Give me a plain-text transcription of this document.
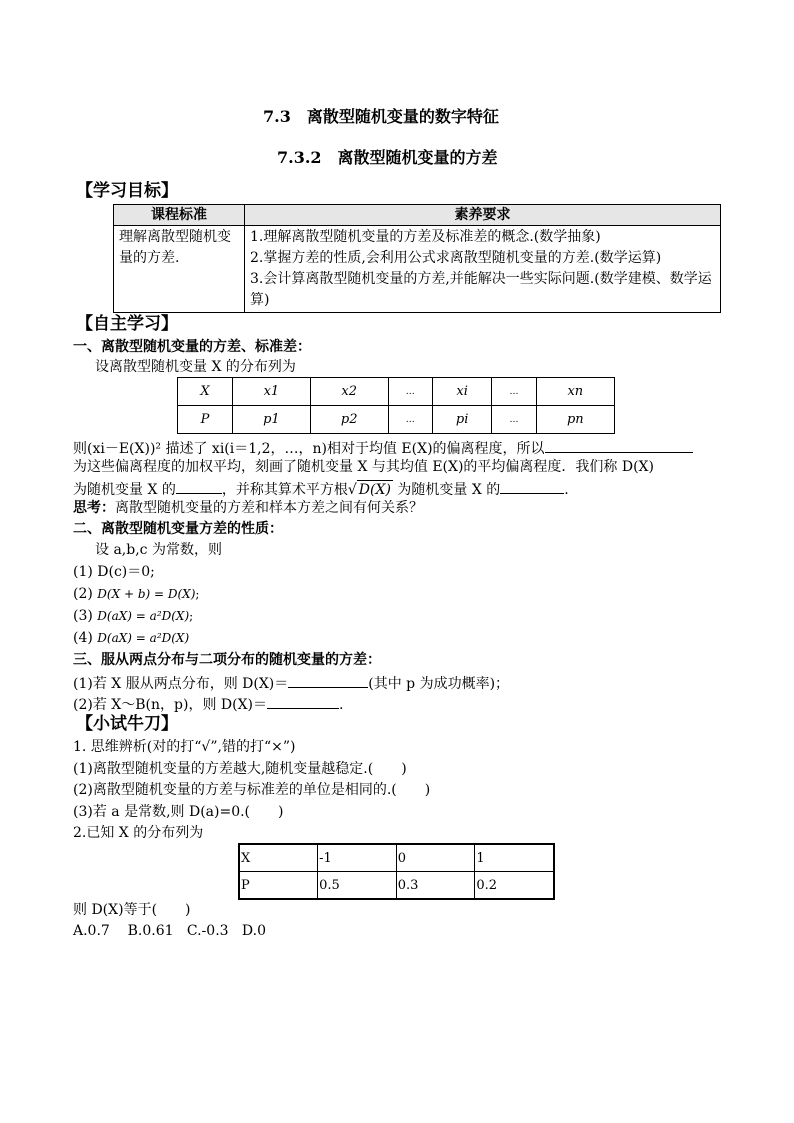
7.3　离散型随机变量的数字特征
7.3.2　离散型随机变量的方差
【学习目标】
课程标准	素养要求
理解离散型随机变量的方差.	1.理解离散型随机变量的方差及标准差的概念.(数学抽象)
2.掌握方差的性质,会利用公式求离散型随机变量的方差.(数学运算)
3.会计算离散型随机变量的方差,并能解决一些实际问题.(数学建模、数学运算)
【自主学习】
一、离散型随机变量的方差、标准差：
设离散型随机变量 X 的分布列为
X	x1	x2	…	xi	…	xn
P	p1	p2	…	pi	…	pn
则(xi－E(X))² 描述了 xi(i＝1,2，…，n)相对于均值 E(X)的偏离程度，所以
为这些偏离程度的加权平均，刻画了随机变量 X 与其均值 E(X)的平均偏离程度．我们称 D(X)
为随机变量 X 的	，并称其算术平方根√ D(X) 为随机变量 X 的	.
思考：离散型随机变量的方差和样本方差之间有何关系？
二、离散型随机变量方差的性质：
设 a,b,c 为常数，则
(1) D(c)＝0;
(2) D(X + b) = D(X);
(3) D(aX) = a²D(X);
(4) D(aX) = a²D(X)
三、服从两点分布与二项分布的随机变量的方差：
(1)若 X 服从两点分布，则 D(X)＝	(其中 p 为成功概率)；
(2)若 X～B(n，p)，则 D(X)＝	.
【小试牛刀】
1. 思维辨析(对的打“√”,错的打“×”)
(1)离散型随机变量的方差越大,随机变量越稳定.(　　)
(2)离散型随机变量的方差与标准差的单位是相同的.(　　)
(3)若 a 是常数,则 D(a)=0.(　　)
2.已知 X 的分布列为
X	-1	0	1
P	0.5	0.3	0.2
则 D(X)等于(　　)
A.0.7    B.0.61   C.-0.3   D.0
